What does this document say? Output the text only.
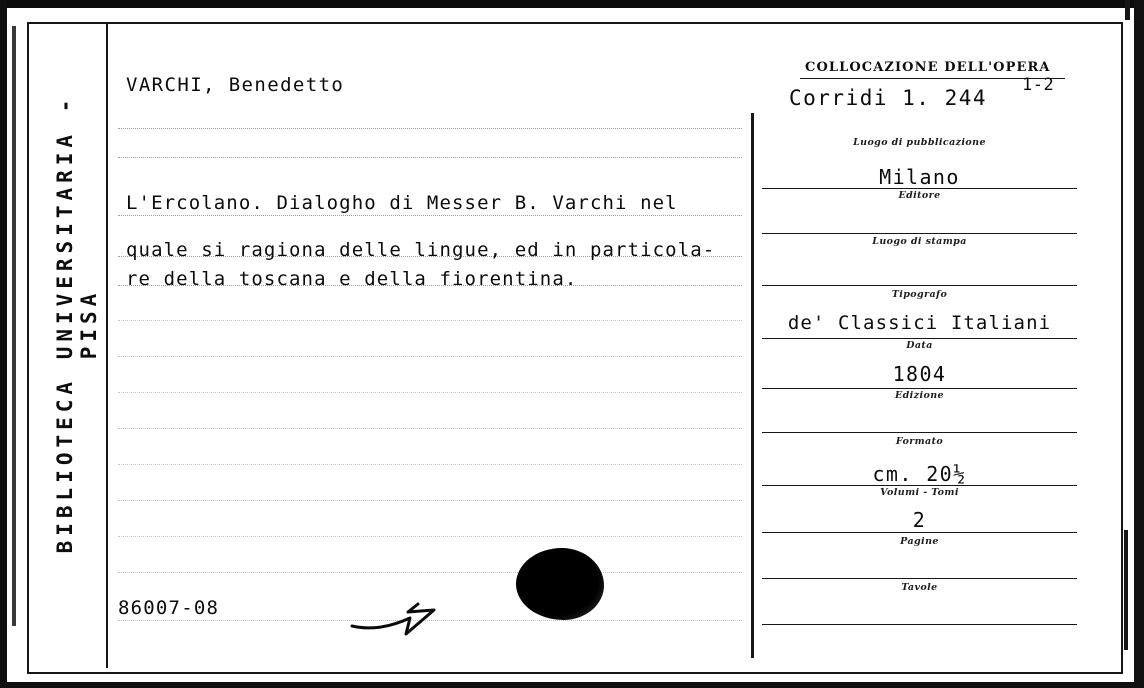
BIBLIOTECA UNIVERSITARIA - PISA
VARCHI, Benedetto
L'Ercolano. Dialogho di Messer B. Varchi nel
quale si ragiona delle lingue, ed in particola-
re della toscana e della fiorentina.
86007-08
COLLOCAZIONE DELL'OPERA
Corridi 1. 244
1-2
Luogo di pubblicazione
Milano
Editore
Luogo di stampa
Tipografo
de' Classici Italiani
Data
1804
Edizione
Formato
cm. 20½
Volumi - Tomi
2
Pagine
Tavole
